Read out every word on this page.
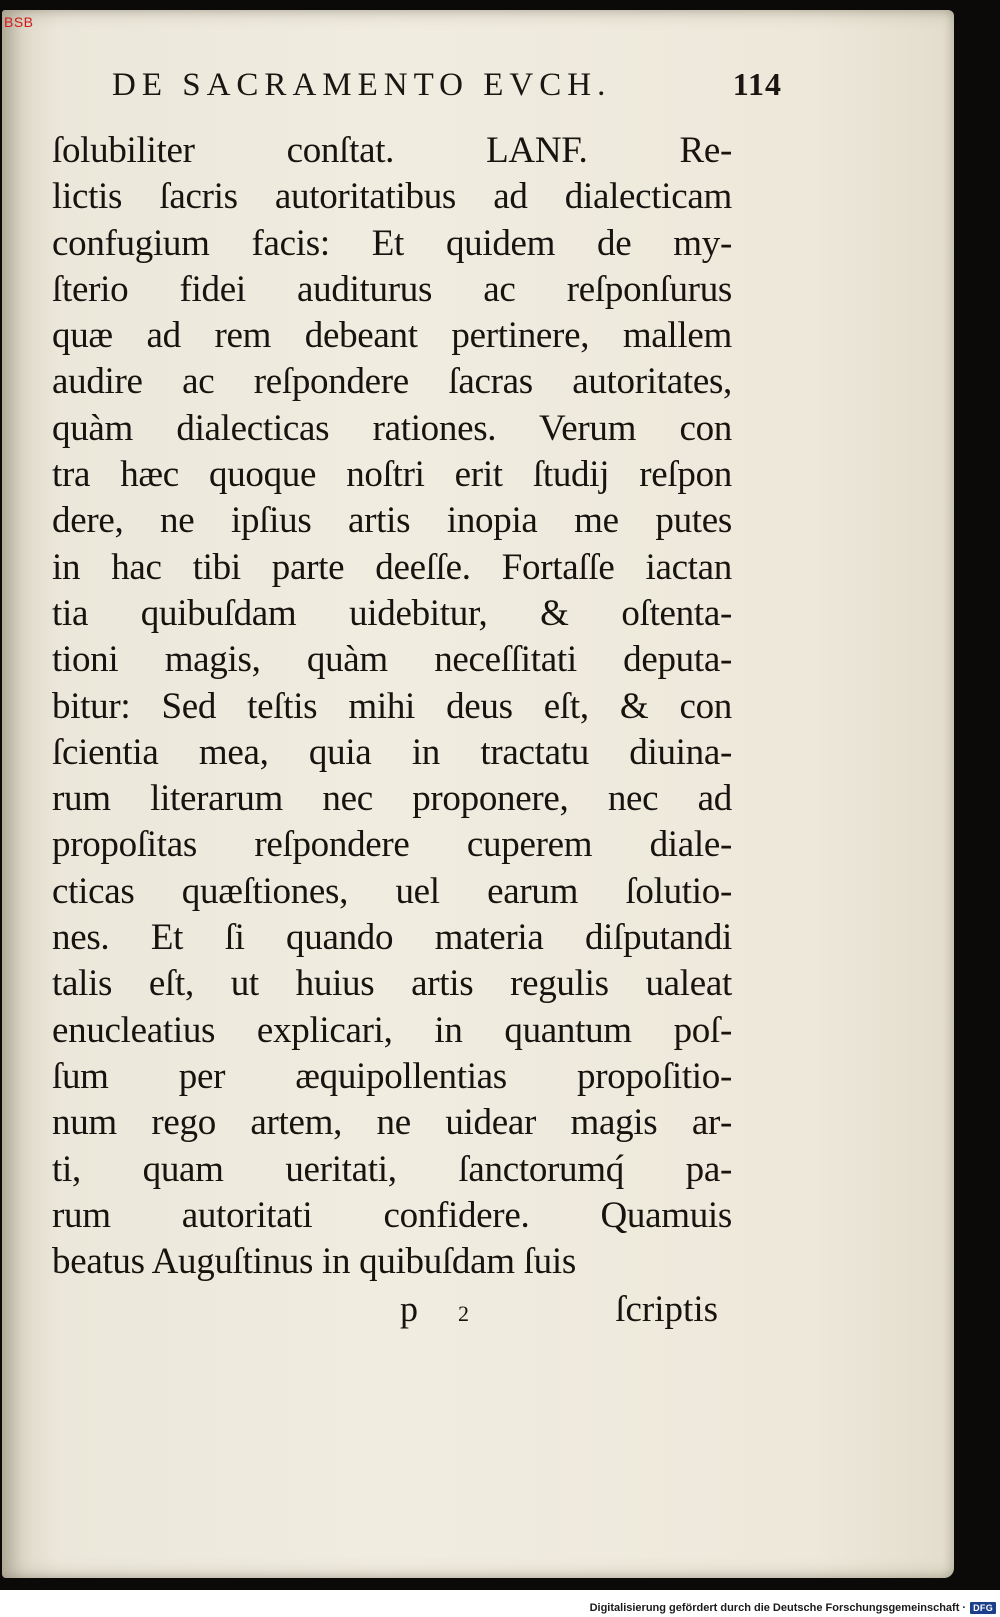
BSB
DE SACRAMENTO EVCH.	114
ſolubiliter conſtat. LANF. Re‑
lictis ſacris autoritatibus ad dialecticam
confugium facis: Et quidem de my‑
ſterio fidei auditurus ac reſponſurus
quæ ad rem debeant pertinere, mallem
audire ac reſpondere ſacras autoritates,
quàm dialecticas rationes. Verum con
tra hæc quoque noſtri erit ſtudij reſpon
dere, ne ipſius artis inopia me putes
in hac tibi parte deeſſe. Fortaſſe iactan
tia quibuſdam uidebitur, & oſtenta‑
tioni magis, quàm neceſſitati deputa‑
bitur: Sed teſtis mihi deus eſt, & con
ſcientia mea, quia in tractatu diuina‑
rum literarum nec proponere, nec ad
propoſitas reſpondere cuperem diale‑
cticas quæſtiones, uel earum ſolutio‑
nes. Et ſi quando materia diſputandi
talis eſt, ut huius artis regulis ualeat
enucleatius explicari, in quantum poſ‑
ſum per æquipollentias propoſitio‑
num rego artem, ne uidear magis ar‑
ti, quam ueritati, ſanctorumq́ pa‑
rum autoritati confidere. Quamuis
beatus Auguſtinus in quibuſdam ſuis
p 2	ſcriptis
Digitalisierung gefördert durch die Deutsche Forschungsgemeinschaft · DFG
